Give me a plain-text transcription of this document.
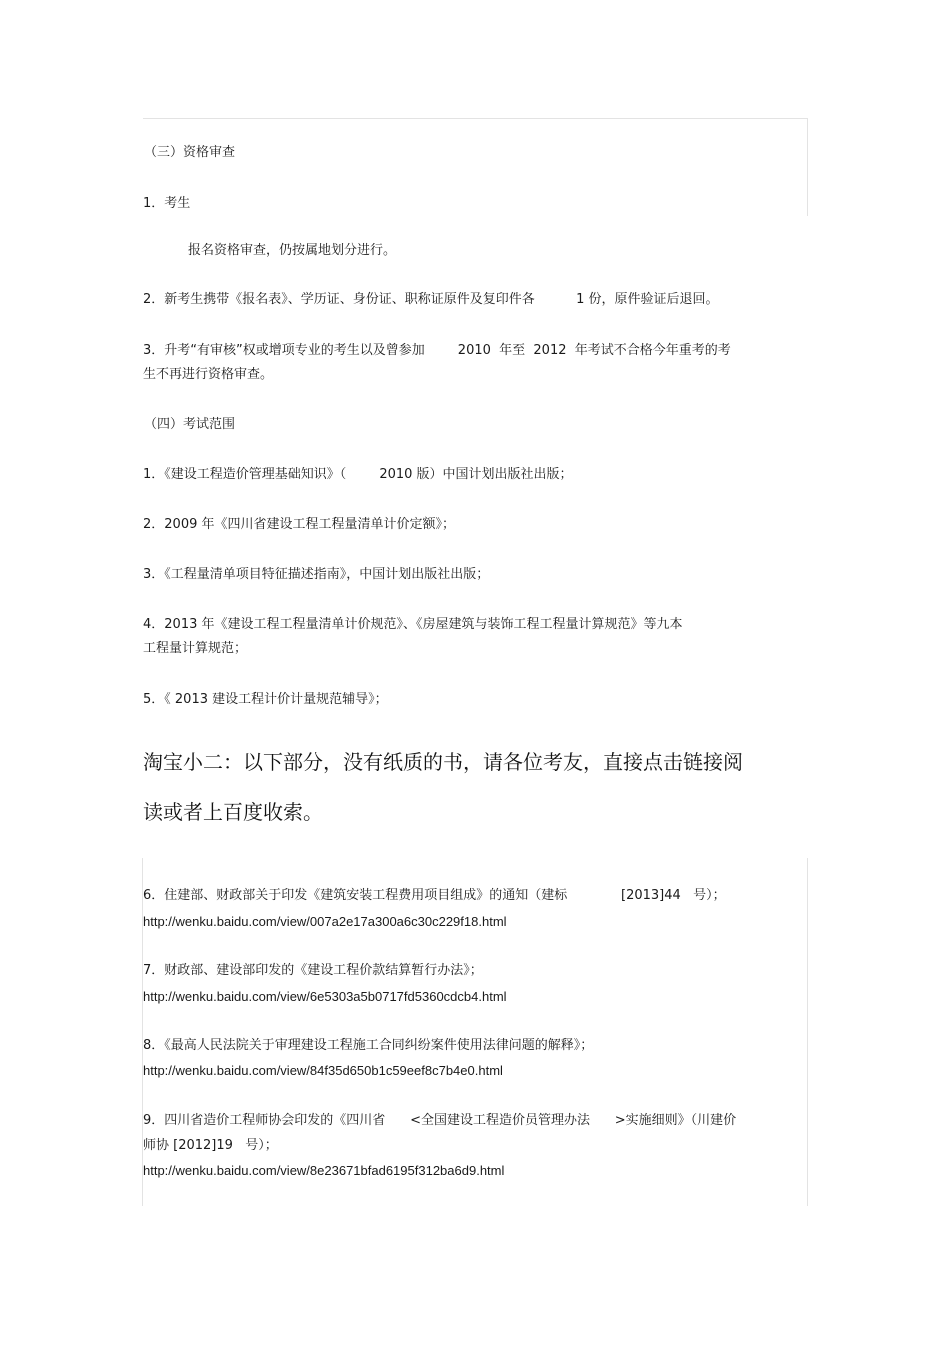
（三）资格审查

1．考生

报名资格审查，仍按属地划分进行。

2．新考生携带《报名表》、学历证、身份证、职称证原件及复印件各          1 份，原件验证后退回。

3．升考“有审核”权或增项专业的考生以及曾参加        2010  年至  2012  年考试不合格今年重考的考

生不再进行资格审查。

（四）考试范围

1．《建设工程造价管理基础知识》（        2010 版）中国计划出版社出版；

2．2009 年《四川省建设工程工程量清单计价定额》；

3．《工程量清单项目特征描述指南》，中国计划出版社出版；

4．2013 年《建设工程工程量清单计价规范》、《房屋建筑与装饰工程工程量计算规范》等九本

工程量计算规范；

5．《 2013 建设工程计价计量规范辅导》；

淘宝小二：以下部分，没有纸质的书，请各位考友，直接点击链接阅

读或者上百度收索。

6．住建部、财政部关于印发《建筑安装工程费用项目组成》的通知（建标             [2013]44   号）；

http://wenku.baidu.com/view/007a2e17a300a6c30c229f18.html

7．财政部、建设部印发的《建设工程价款结算暂行办法》；

http://wenku.baidu.com/view/6e5303a5b0717fd5360cdcb4.html

8．《最高人民法院关于审理建设工程施工合同纠纷案件使用法律问题的解释》；

http://wenku.baidu.com/view/84f35d650b1c59eef8c7b4e0.html

9．四川省造价工程师协会印发的《四川省      <全国建设工程造价员管理办法      >实施细则》（川建价

师协 [2012]19   号）；

http://wenku.baidu.com/view/8e23671bfad6195f312ba6d9.html
